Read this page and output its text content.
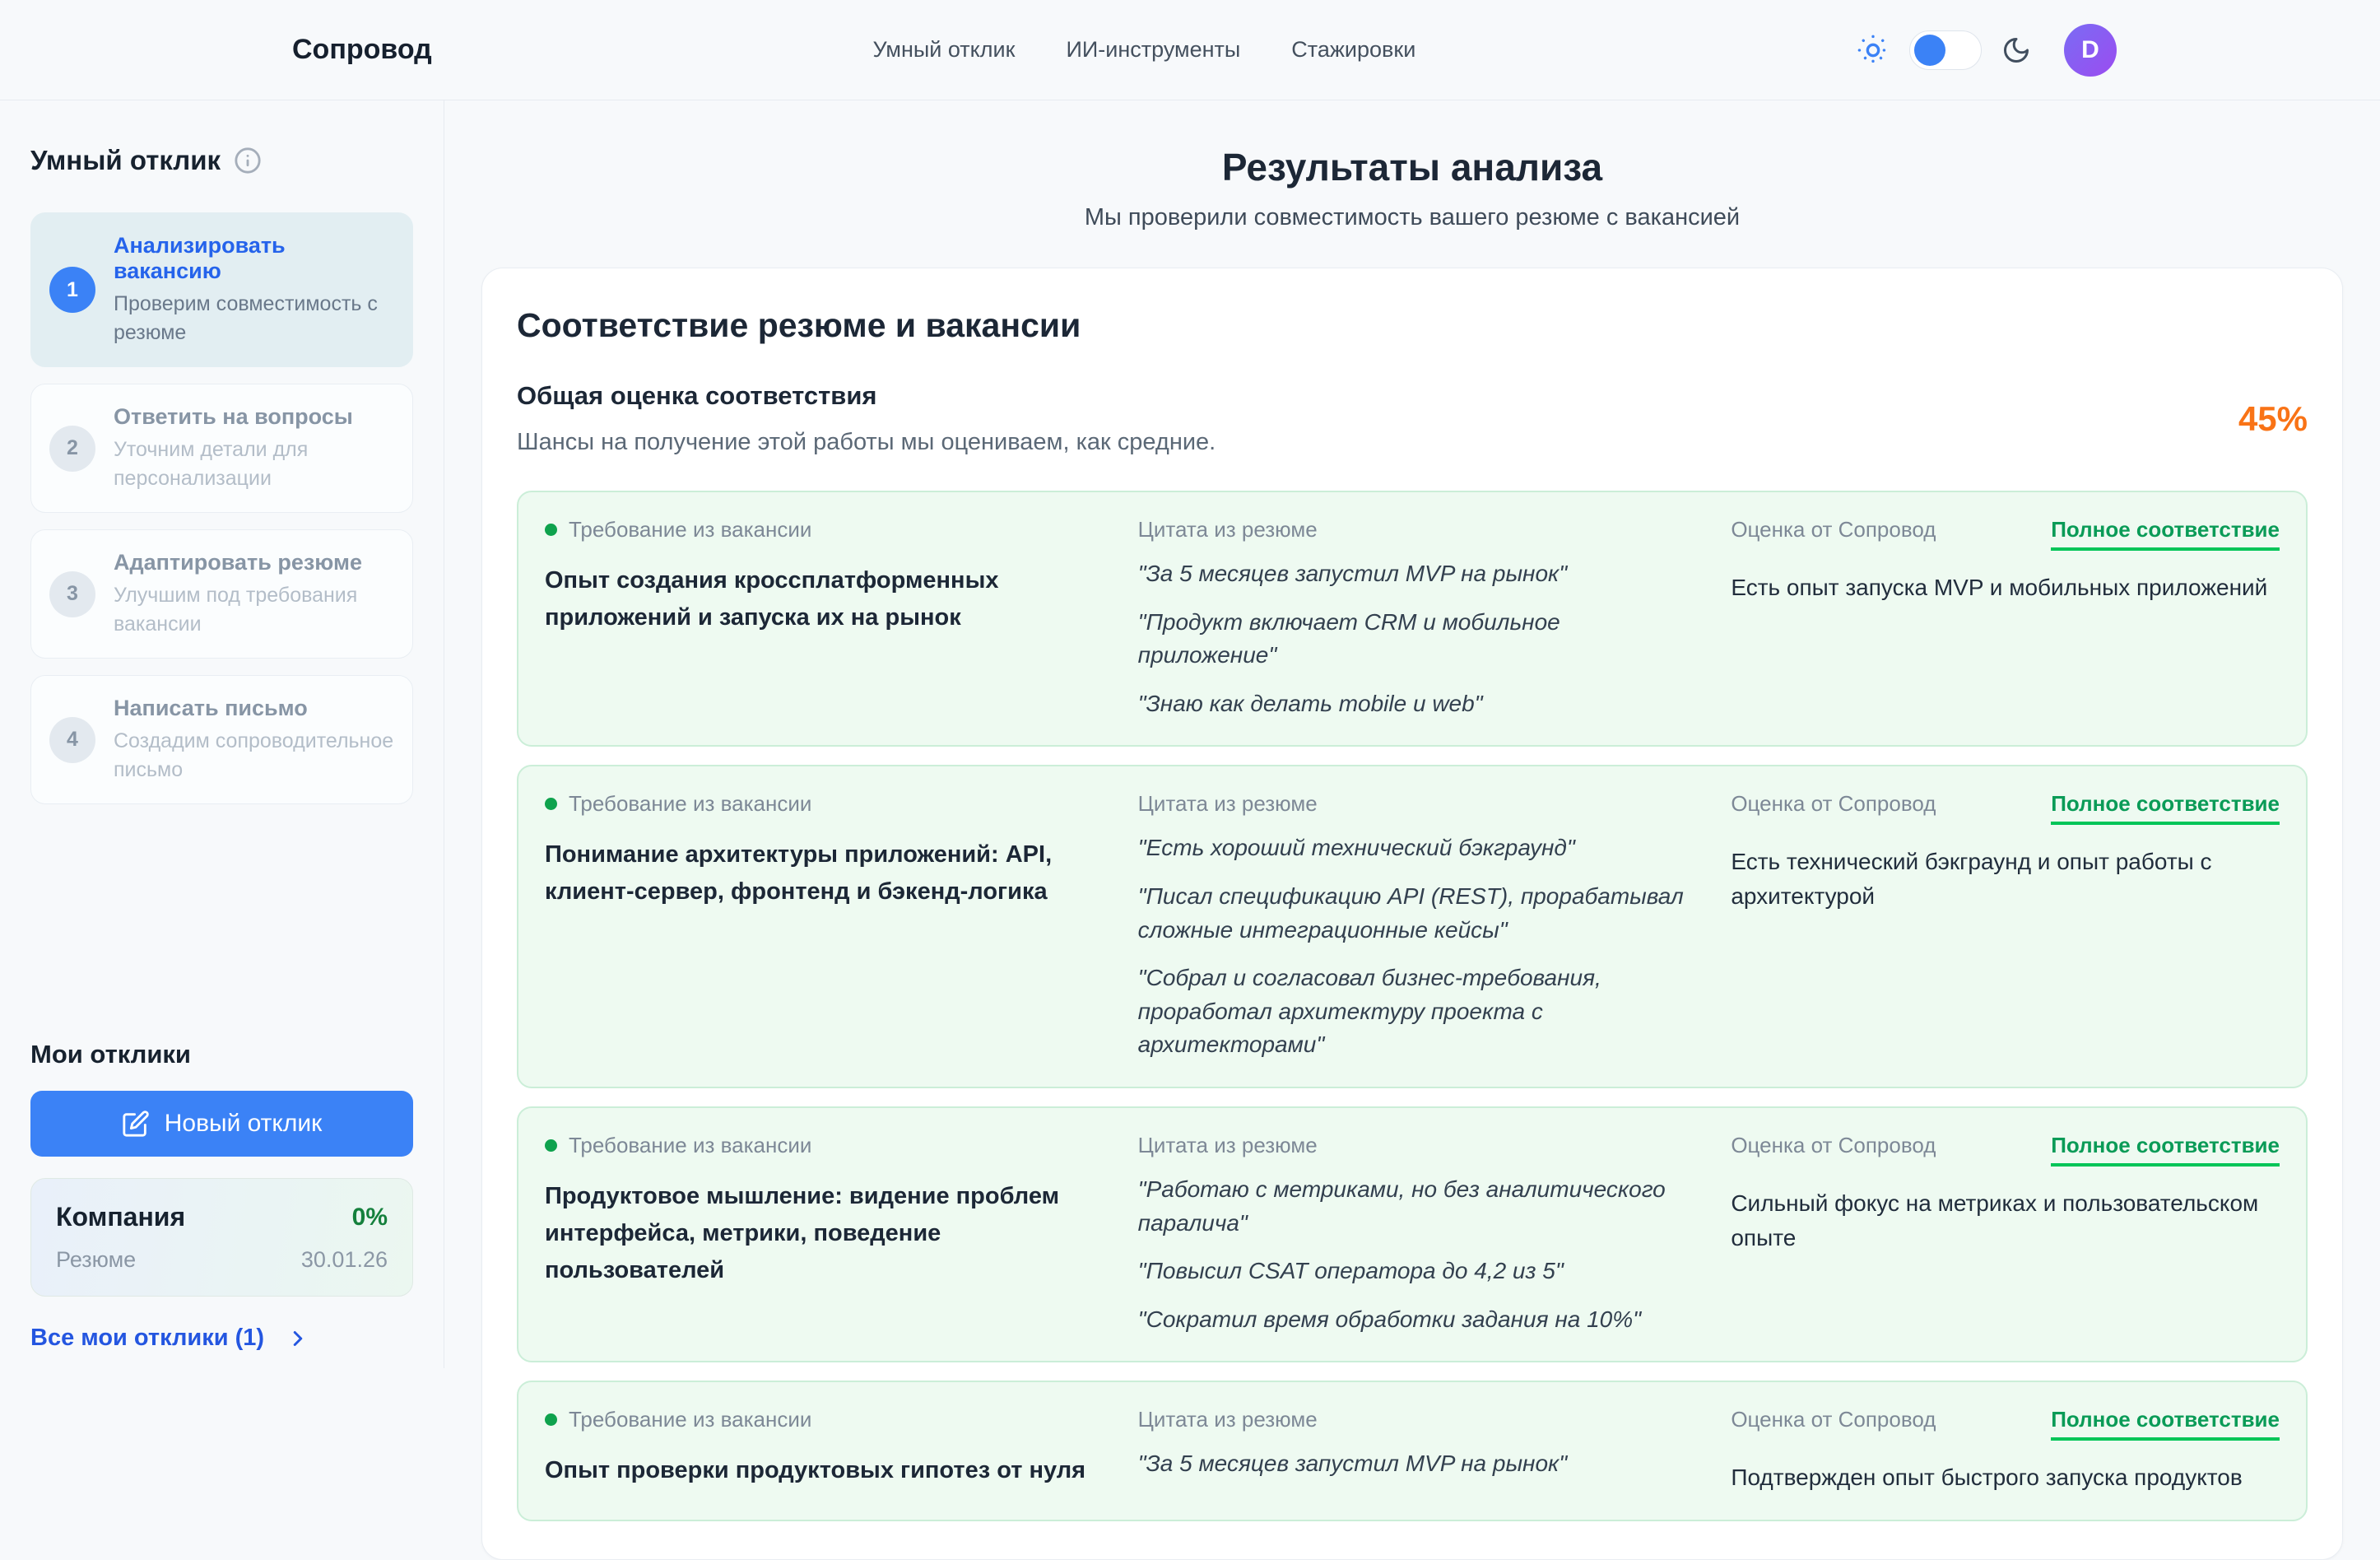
Сопровод	Умный отклик ИИ-инструменты Стажировки	D
Умный отклик
1
Анализировать вакансию
Проверим совместимость с резюме
2
Ответить на вопросы
Уточним детали для персонализации
3
Адаптировать резюме
Улучшим под требования вакансии
4
Написать письмо
Создадим сопроводительное письмо
Мои отклики
Новый отклик
Компания	0%
Резюме	30.01.26
Все мои отклики (1)
Результаты анализа
Мы проверили совместимость вашего резюме с вакансией
Соответствие резюме и вакансии
Общая оценка соответствия
Шансы на получение этой работы мы оцениваем, как средние.
45%
Требование из вакансии
Опыт создания кроссплатформенных приложений и запуска их на рынок
Цитата из резюме
"За 5 месяцев запустил MVP на рынок"
"Продукт включает CRM и мобильное приложение"
"Знаю как делать mobile и web"
Оценка от Сопровод	Полное соответствие
Есть опыт запуска MVP и мобильных приложений
Требование из вакансии
Понимание архитектуры приложений: API, клиент-сервер, фронтенд и бэкенд-логика
Цитата из резюме
"Есть хороший технический бэкграунд"
"Писал спецификацию API (REST), прорабатывал сложные интеграционные кейсы"
"Собрал и согласовал бизнес-требования, проработал архитектуру проекта с архитекторами"
Оценка от Сопровод	Полное соответствие
Есть технический бэкграунд и опыт работы с архитектурой
Требование из вакансии
Продуктовое мышление: видение проблем интерфейса, метрики, поведение пользователей
Цитата из резюме
"Работаю с метриками, но без аналитического паралича"
"Повысил CSAT оператора до 4,2 из 5"
"Сократил время обработки задания на 10%"
Оценка от Сопровод	Полное соответствие
Сильный фокус на метриках и пользовательском опыте
Требование из вакансии
Опыт проверки продуктовых гипотез от нуля
Цитата из резюме
"За 5 месяцев запустил MVP на рынок"
Оценка от Сопровод	Полное соответствие
Подтвержден опыт быстрого запуска продуктов
